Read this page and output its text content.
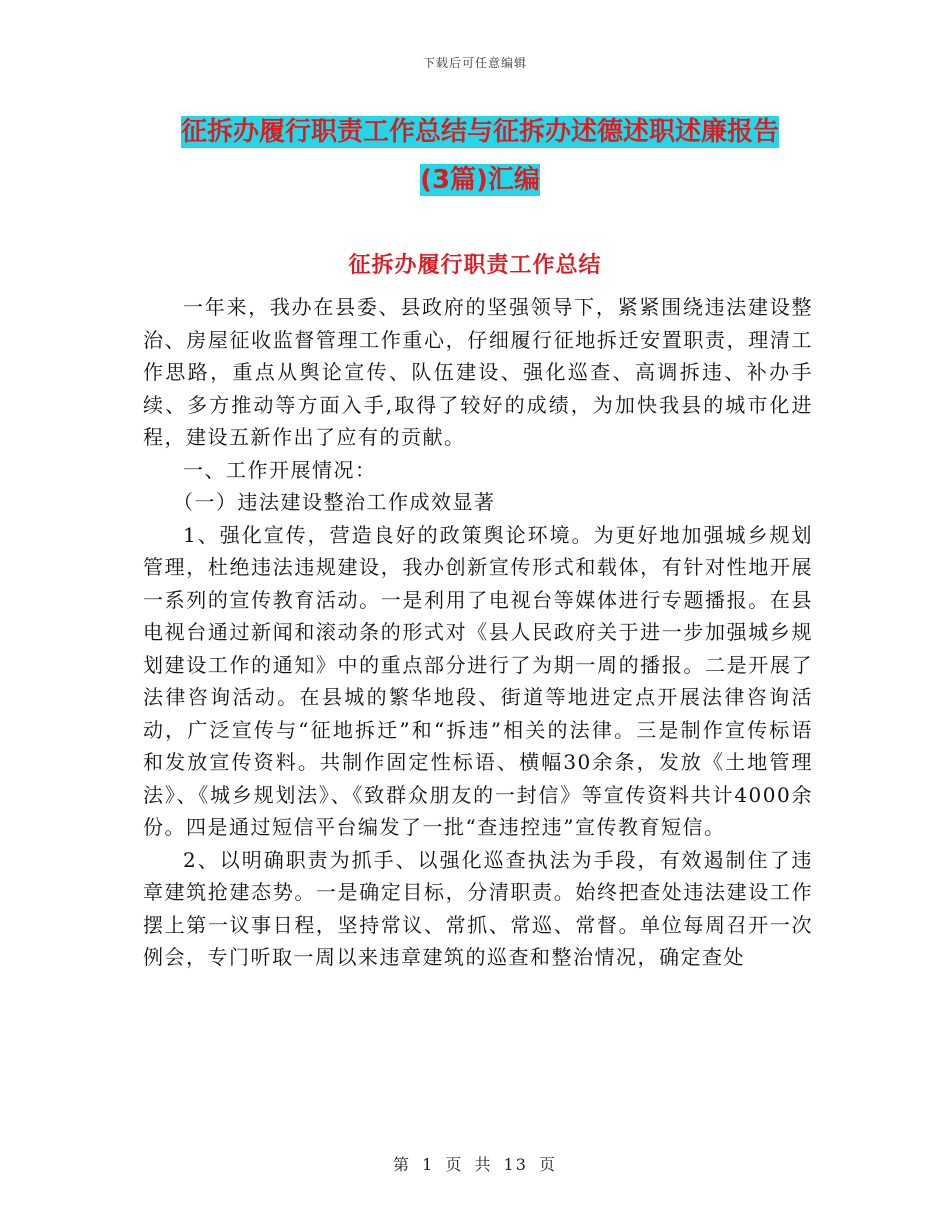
下载后可任意编辑
征拆办履行职责工作总结与征拆办述德述职述廉报告
(3篇)汇编
征拆办履行职责工作总结

一年来，我办在县委、县政府的坚强领导下，紧紧围绕违法建设整治、房屋征收监督管理工作重心，仔细履行征地拆迁安置职责，理清工作思路，重点从舆论宣传、队伍建设、强化巡查、高调拆违、补办手续、多方推动等方面入手,取得了较好的成绩，为加快我县的城市化进程，建设五新作出了应有的贡献。

一、工作开展情况：

（一）违法建设整治工作成效显著

1、强化宣传，营造良好的政策舆论环境。为更好地加强城乡规划管理，杜绝违法违规建设，我办创新宣传形式和载体，有针对性地开展一系列的宣传教育活动。一是利用了电视台等媒体进行专题播报。在县电视台通过新闻和滚动条的形式对《县人民政府关于进一步加强城乡规划建设工作的通知》中的重点部分进行了为期一周的播报。二是开展了法律咨询活动。在县城的繁华地段、街道等地进定点开展法律咨询活动，广泛宣传与“征地拆迁”和“拆违”相关的法律。三是制作宣传标语和发放宣传资料。共制作固定性标语、横幅30余条，发放《土地管理法》、《城乡规划法》、《致群众朋友的一封信》等宣传资料共计4000余份。四是通过短信平台编发了一批“查违控违”宣传教育短信。

2、以明确职责为抓手、以强化巡查执法为手段，有效遏制住了违章建筑抢建态势。一是确定目标，分清职责。始终把查处违法建设工作摆上第一议事日程，坚持常议、常抓、常巡、常督。单位每周召开一次例会，专门听取一周以来违章建筑的巡查和整治情况，确定查处

第 1 页 共 13 页
